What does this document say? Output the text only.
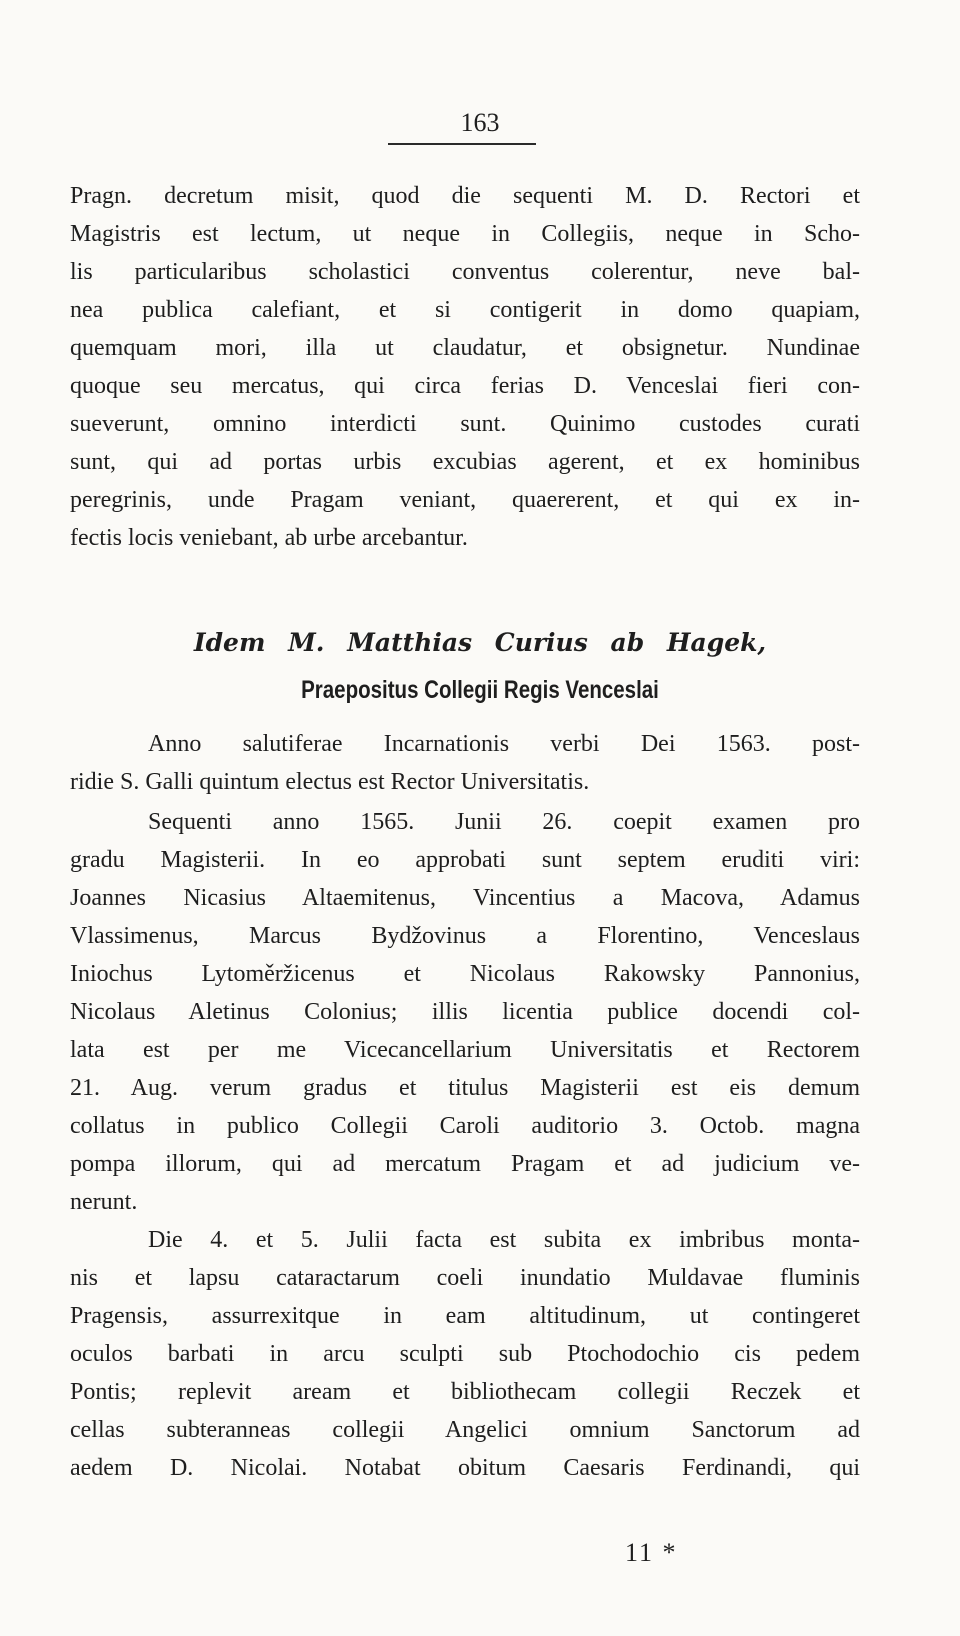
163
Pragn. decretum misit, quod die sequenti M. D. Rectori et
Magistris est lectum, ut neque in Collegiis, neque in Scho-
lis particularibus scholastici conventus colerentur, neve bal-
nea publica calefiant, et si contigerit in domo quapiam,
quemquam mori, illa ut claudatur, et obsignetur. Nundinae
quoque seu mercatus, qui circa ferias D. Venceslai fieri con-
sueverunt, omnino interdicti sunt. Quinimo custodes curati
sunt, qui ad portas urbis excubias agerent, et ex hominibus
peregrinis, unde Pragam veniant, quaererent, et qui ex in-
fectis locis veniebant, ab urbe arcebantur.
Idem M. Matthias Curius ab Hagek,
Praepositus Collegii Regis Venceslai
Anno salutiferae Incarnationis verbi Dei 1563. post-
ridie S. Galli quintum electus est Rector Universitatis.
Sequenti anno 1565. Junii 26. coepit examen pro
gradu Magisterii. In eo approbati sunt septem eruditi viri:
Joannes Nicasius Altaemitenus, Vincentius a Macova, Adamus
Vlassimenus, Marcus Bydžovinus a Florentino, Venceslaus
Iniochus Lytoměržicenus et Nicolaus Rakowsky Pannonius,
Nicolaus Aletinus Colonius; illis licentia publice docendi col-
lata est per me Vicecancellarium Universitatis et Rectorem
21. Aug. verum gradus et titulus Magisterii est eis demum
collatus in publico Collegii Caroli auditorio 3. Octob. magna
pompa illorum, qui ad mercatum Pragam et ad judicium ve-
nerunt.
Die 4. et 5. Julii facta est subita ex imbribus monta-
nis et lapsu cataractarum coeli inundatio Muldavae fluminis
Pragensis, assurrexitque in eam altitudinum, ut contingeret
oculos barbati in arcu sculpti sub Ptochodochio cis pedem
Pontis; replevit aream et bibliothecam collegii Reczek et
cellas subteranneas collegii Angelici omnium Sanctorum ad
aedem D. Nicolai. Notabat obitum Caesaris Ferdinandi, qui
11 *
